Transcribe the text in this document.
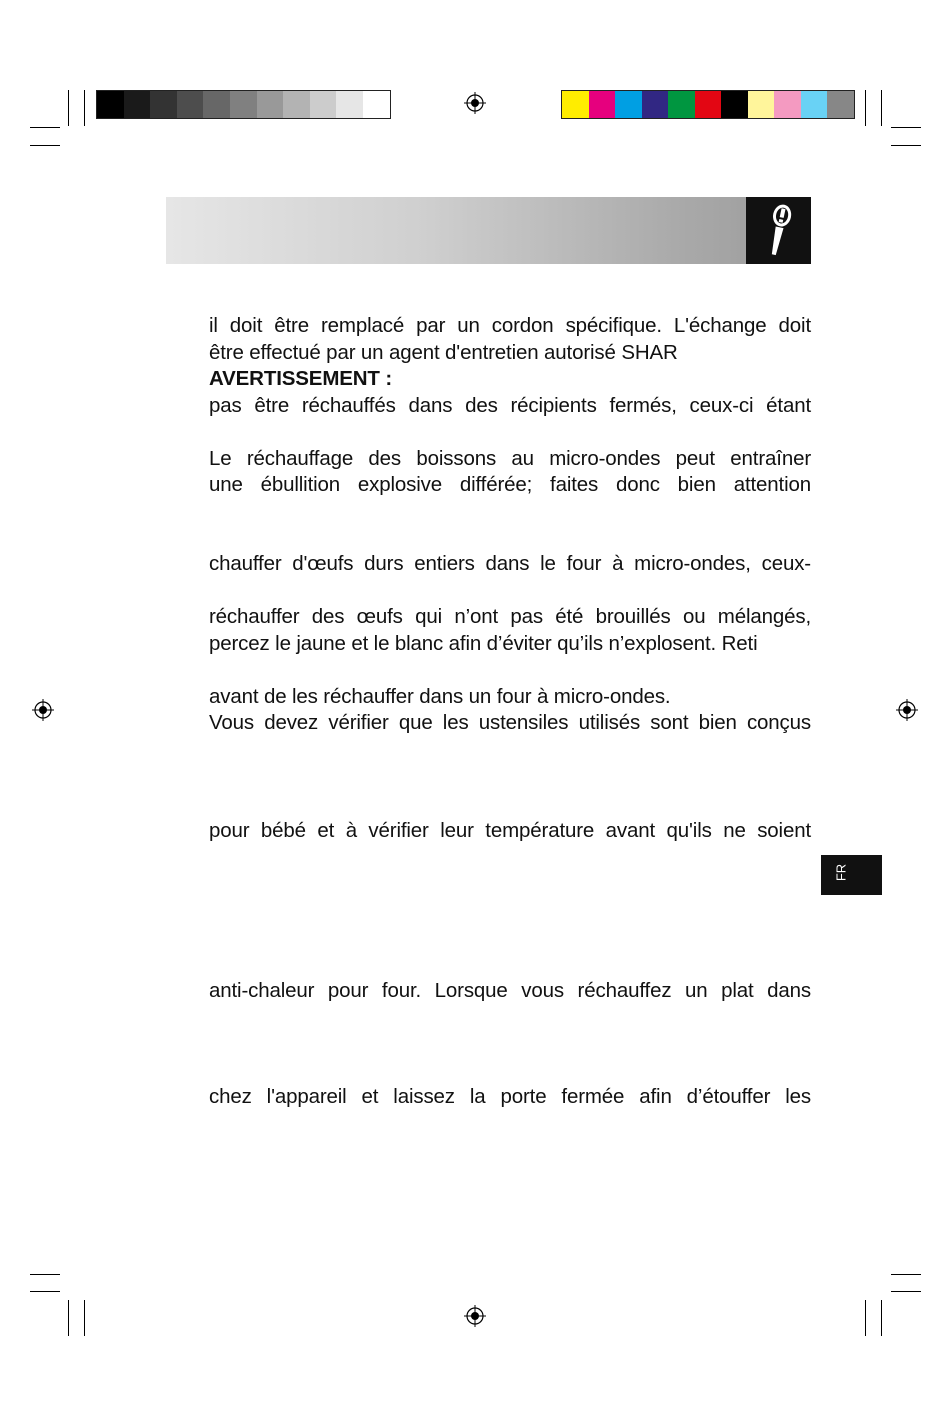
il doit être remplacé par un cordon spécifique. L'échange doit
être effectué par un agent d'entretien autorisé SHAR
AVERTISSEMENT :
pas être réchauffés dans des récipients fermés, ceux-ci étant
Le réchauffage des boissons au micro-ondes peut entraîner
une ébullition explosive différée; faites donc bien attention
chauffer d'œufs durs entiers dans le four à micro-ondes, ceux-
réchauffer des œufs qui n’ont pas été brouillés ou mélangés,
percez le jaune et le blanc afin d’éviter qu’ils n’explosent. Reti
avant de les réchauffer dans un four à micro-ondes.
Vous devez vérifier que les ustensiles utilisés sont bien conçus
pour bébé et à vérifier leur température avant qu'ils ne soient
anti-chaleur pour four. Lorsque vous réchauffez un plat dans
chez l'appareil et laissez la porte fermée afin d’étouffer les
FR
